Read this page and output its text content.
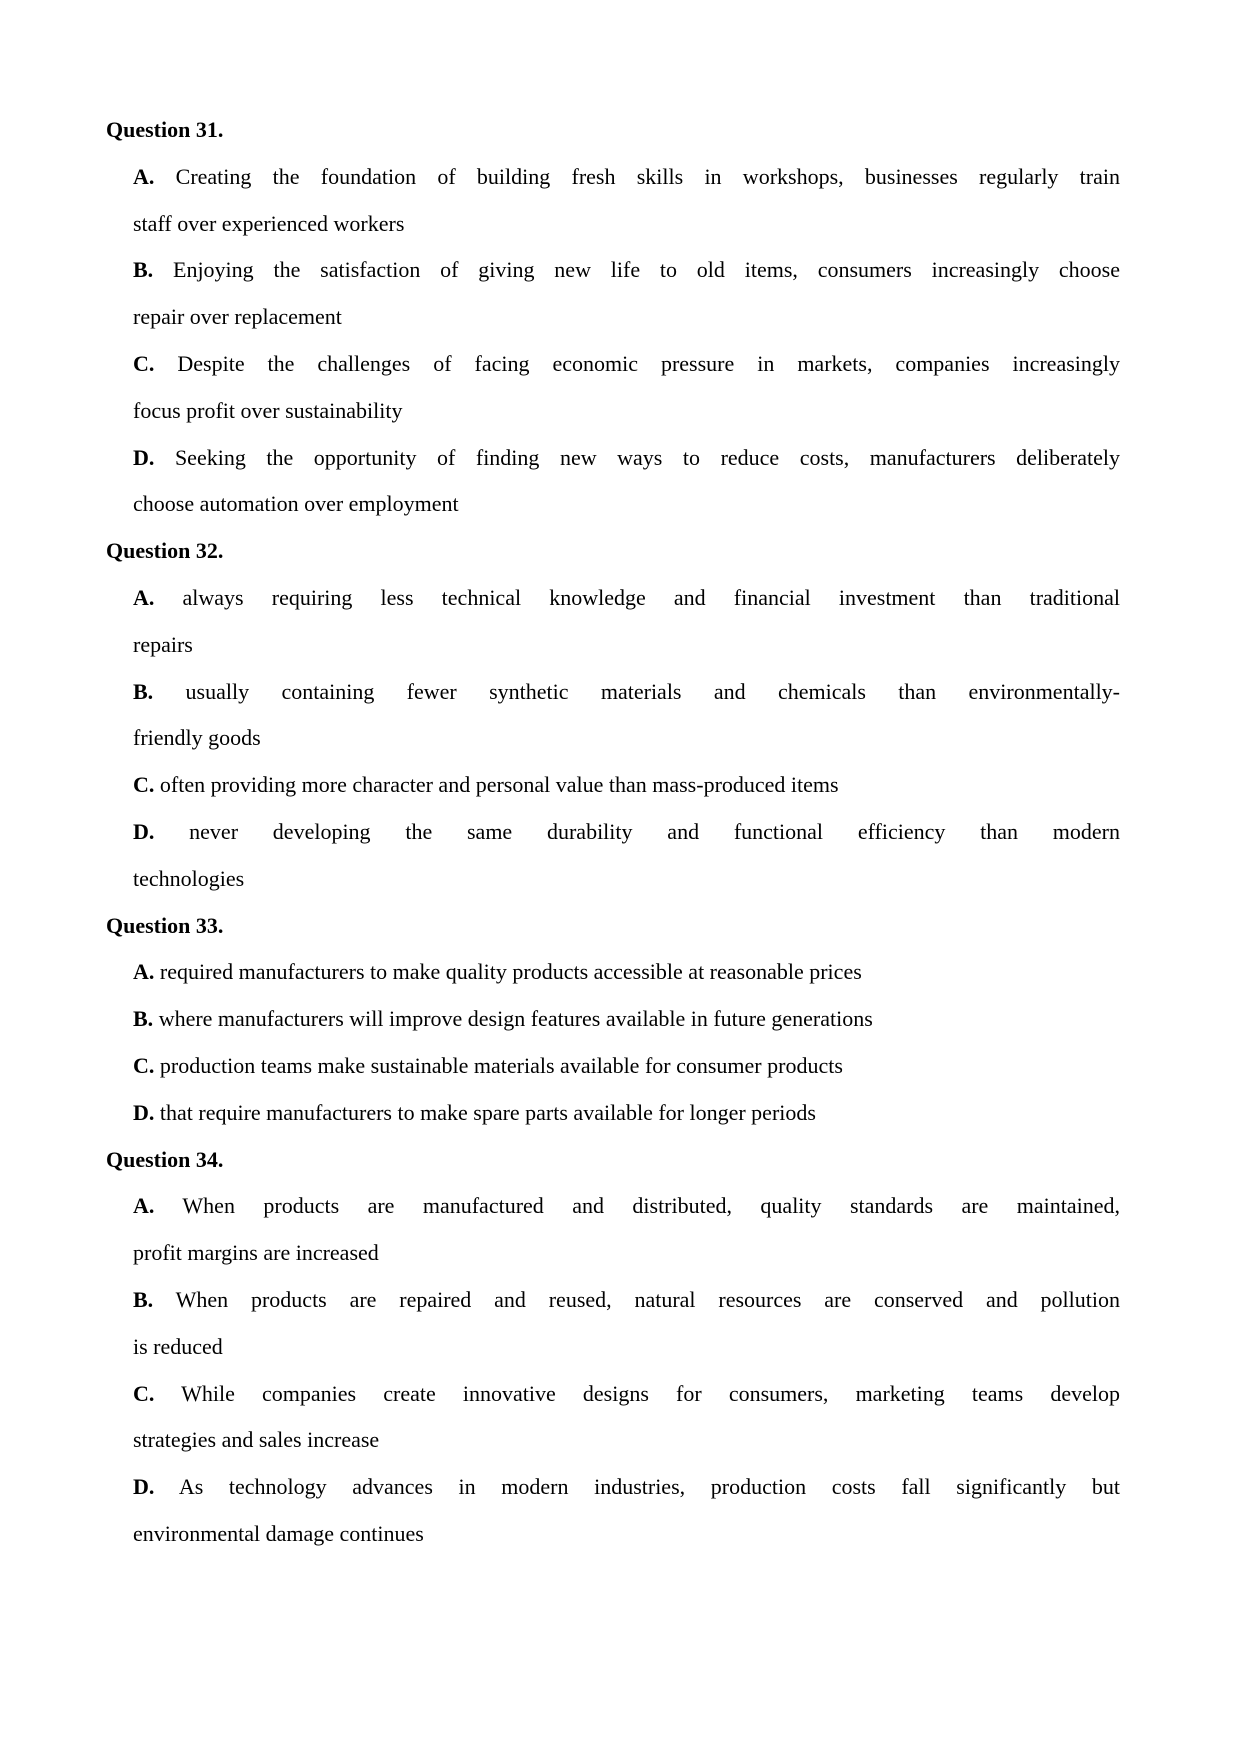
Question 31.

A. Creating the foundation of building fresh skills in workshops, businesses regularly train

staff over experienced workers

B. Enjoying the satisfaction of giving new life to old items, consumers increasingly choose

repair over replacement

C. Despite the challenges of facing economic pressure in markets, companies increasingly

focus profit over sustainability

D. Seeking the opportunity of finding new ways to reduce costs, manufacturers deliberately

choose automation over employment

Question 32.

A. always requiring less technical knowledge and financial investment than traditional

repairs

B. usually containing fewer synthetic materials and chemicals than environmentally-

friendly goods

C. often providing more character and personal value than mass-produced items

D. never developing the same durability and functional efficiency than modern

technologies

Question 33.

A. required manufacturers to make quality products accessible at reasonable prices

B. where manufacturers will improve design features available in future generations

C. production teams make sustainable materials available for consumer products

D. that require manufacturers to make spare parts available for longer periods

Question 34.

A. When products are manufactured and distributed, quality standards are maintained,

profit margins are increased

B. When products are repaired and reused, natural resources are conserved and pollution

is reduced

C. While companies create innovative designs for consumers, marketing teams develop

strategies and sales increase

D. As technology advances in modern industries, production costs fall significantly but

environmental damage continues
